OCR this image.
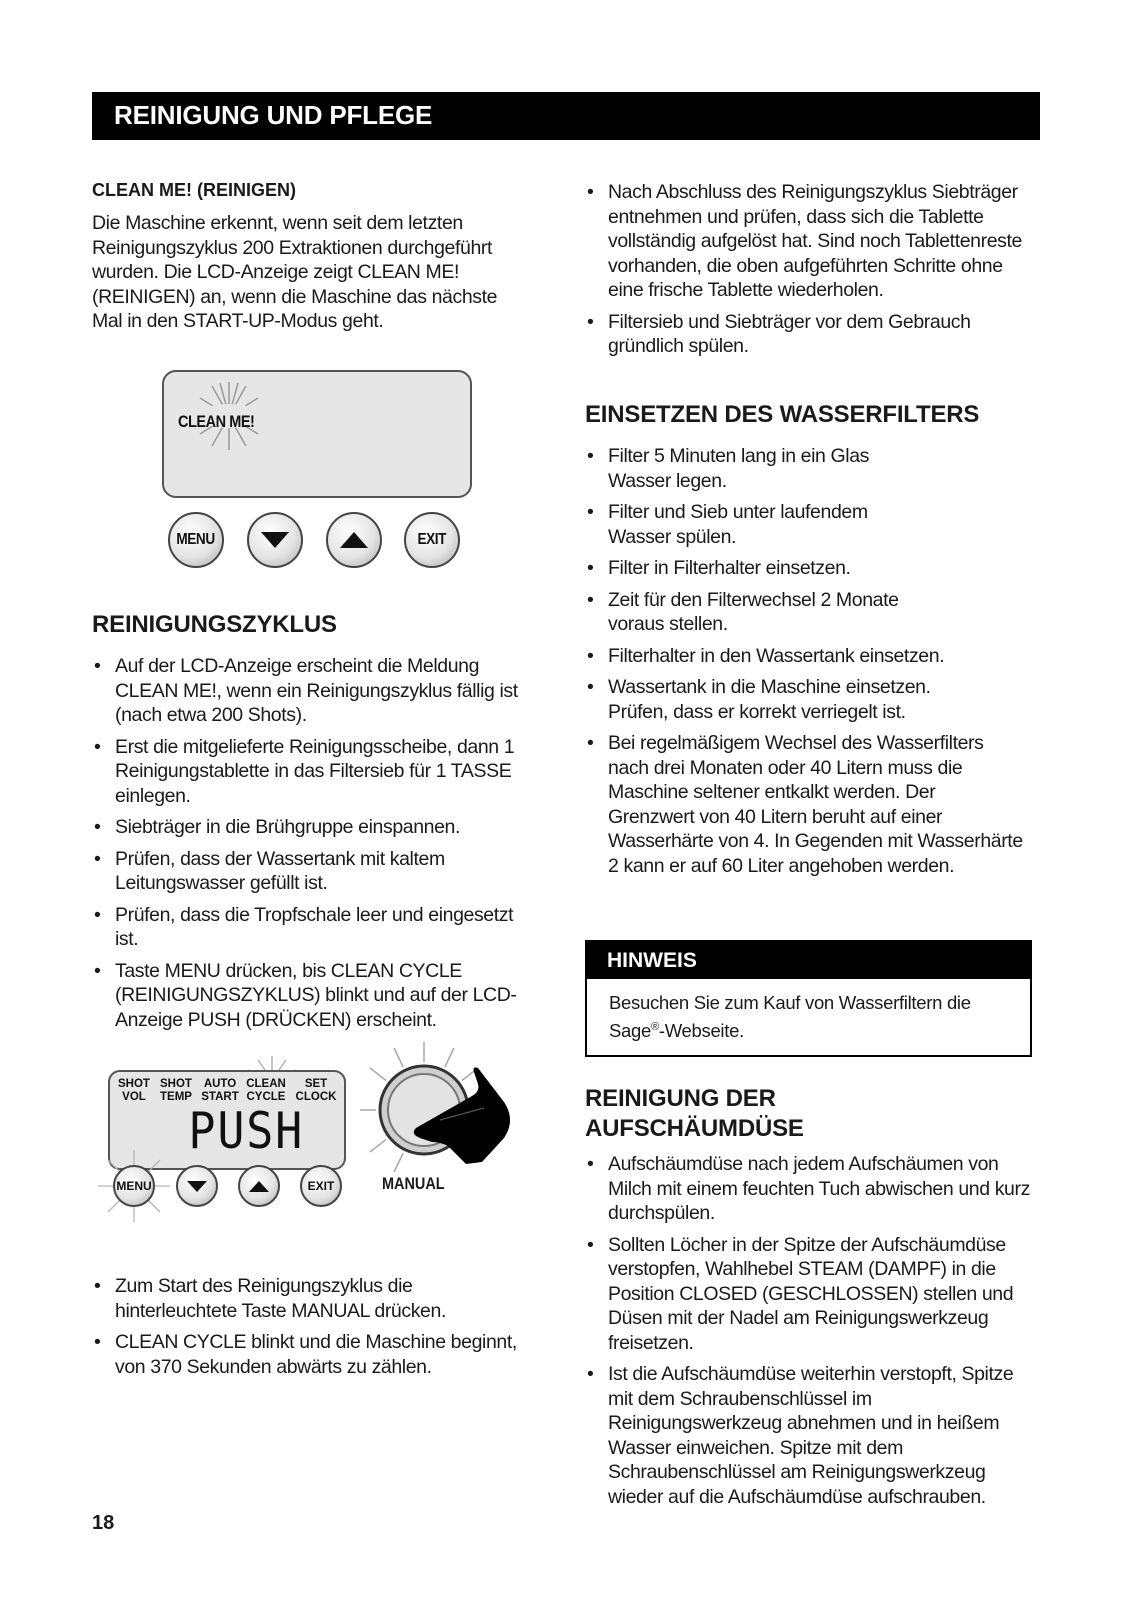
REINIGUNG UND PFLEGE
CLEAN ME! (REINIGEN)

Die Maschine erkennt, wenn seit dem letzten Reinigungszyklus 200 Extraktionen durchgeführt wurden. Die LCD-Anzeige zeigt CLEAN ME! (REINIGEN) an, wenn die Maschine das nächste Mal in den START-UP-Modus geht.

CLEAN ME!
MENU	EXIT
REINIGUNGSZYKLUS
• Auf der LCD-Anzeige erscheint die Meldung CLEAN ME!, wenn ein Reinigungszyklus fällig ist (nach etwa 200 Shots).
• Erst die mitgelieferte Reinigungsscheibe, dann 1 Reinigungstablette in das Filtersieb für 1 TASSE einlegen.
• Siebträger in die Brühgruppe einspannen.
• Prüfen, dass der Wassertank mit kaltem Leitungswasser gefüllt ist.
• Prüfen, dass die Tropfschale leer und eingesetzt ist.
• Taste MENU drücken, bis CLEAN CYCLE (REINIGUNGSZYKLUS) blinkt und auf der LCD-Anzeige PUSH (DRÜCKEN) erscheint.
SHOT
VOL
SHOT
TEMP
AUTO
START
CLEAN
CYCLE
SET
CLOCK
PUSH
MENU	EXIT	MANUAL
• Zum Start des Reinigungszyklus die hinterleuchtete Taste MANUAL drücken.
• CLEAN CYCLE blinkt und die Maschine beginnt, von 370 Sekunden abwärts zu zählen.
• Nach Abschluss des Reinigungszyklus Siebträger entnehmen und prüfen, dass sich die Tablette vollständig aufgelöst hat. Sind noch Tablettenreste vorhanden, die oben aufgeführten Schritte ohne eine frische Tablette wiederholen.
• Filtersieb und Siebträger vor dem Gebrauch gründlich spülen.
EINSETZEN DES WASSERFILTERS
• Filter 5 Minuten lang in ein Glas Wasser legen.
• Filter und Sieb unter laufendem Wasser spülen.
• Filter in Filterhalter einsetzen.
• Zeit für den Filterwechsel 2 Monate voraus stellen.
• Filterhalter in den Wassertank einsetzen.
• Wassertank in die Maschine einsetzen. Prüfen, dass er korrekt verriegelt ist.
• Bei regelmäßigem Wechsel des Wasserfilters nach drei Monaten oder 40 Litern muss die Maschine seltener entkalkt werden. Der Grenzwert von 40 Litern beruht auf einer Wasserhärte von 4. In Gegenden mit Wasserhärte 2 kann er auf 60 Liter angehoben werden.
HINWEIS
Besuchen Sie zum Kauf von Wasserfiltern die Sage®-Webseite.
REINIGUNG DER
AUFSCHÄUMDÜSE
• Aufschäumdüse nach jedem Aufschäumen von Milch mit einem feuchten Tuch abwischen und kurz durchspülen.
• Sollten Löcher in der Spitze der Aufschäumdüse verstopfen, Wahlhebel STEAM (DAMPF) in die Position CLOSED (GESCHLOSSEN) stellen und Düsen mit der Nadel am Reinigungswerkzeug freisetzen.
• Ist die Aufschäumdüse weiterhin verstopft, Spitze mit dem Schraubenschlüssel im Reinigungswerkzeug abnehmen und in heißem Wasser einweichen. Spitze mit dem Schraubenschlüssel am Reinigungswerkzeug wieder auf die Aufschäumdüse aufschrauben.
18
